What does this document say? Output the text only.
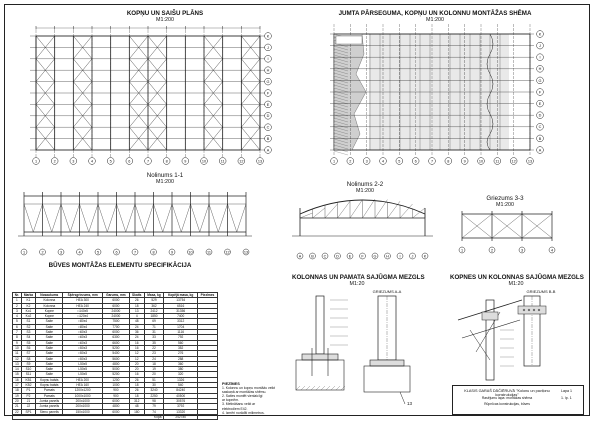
KOPŅU UN SAIŠU PLĀNS
M1:200
JUMTA PĀRSEGUMA, KOPŅU UN KOLONNU MONTĀŽAS SHĒMA
M1:200
Nolinums 1-1
M1:200	Nolinums 2-2
M1:200
Griezums 3-3
M1:200
BŪVES MONTĀŽAS ELEMENTU SPECIFIKĀCIJA
KOLONNAS UN PAMATA SAJŪGMA MEZGLS
M1:20
GRIEZUMS A-A
KOPNES UN KOLONNAS SAJŪGMA MEZGLS
M1:20
GRIEZUMS B-B
13
1	2	3	4	5	6	7	8	9	10	11	12	13
K
J
I
H
G
F
E
D
C
B
A
1	2	3	4	5	6	7	8	9	10	11	12	13
K
J
I
H
G
F
E
D
C
B
A
1	2	3	4	5	6	7	8	9	10	11	12	13
A	B	C	D	E	F	G	H	I	J	K
1	2	3	4
Nr.	Marka	Nosaukums	Šķērsgriezums, mm	Garums, mm	Skaits	Masa, kg	Kopējā masa, kg	Piezīmes
1	K1	Kolonna	HEA 300	6000	26	529	13754	
2	K2	Kolonna	HEA 240	6000	18	362	6516	
3	Ko1	Kopne	□140x5	24000	13	2412	31356	
4	Ko2	Kopne	□120x4	24000	4	1850	7400	
5	S1	Saite	□80x4	7500	48	69	3312	
6	S2	Saite	□80x4	7700	24	71	1704	
7	S3	Saite	□60x3	6000	36	31	1116	
8	S4	Saite	□60x3	6300	24	33	792	
9	S5	Saite	□60x3	6600	16	35	560	
10	S6	Saite	□50x3	5200	16	22	352	
11	S7	Saite	□50x3	5400	12	23	276	
12	S8	Saite	□50x3	5600	12	24	288	
13	S9	Saite	L50x5	4800	20	18	360	
14	S10	Saite	L50x5	5000	20	19	380	
15	S11	Saite	L50x5	5200	16	20	320	
16	KB1	Kopņu balsts	HEA 200	1200	26	51	1326	
17	KB2	Kopņu balsts	HEA 160	1000	18	30	540	
18	P1	Pamats	1200x1200	900	26	3240	84240	
19	P2	Pamats	1000x1000	900	18	2250	40500	
20	J1	Jumta panelis	200x1000	6000	312	98	30576	
21	J2	Jumta panelis	200x1000	4800	48	79	3792	
22	SP1	Sienu panelis	150x1000	6000	180	74	13320	
Kopā:							242780	
PIEZĪMES
1. Kolonnu un kopņu montāžu veikt
saskaņā ar montāžas shēmu.
2. Saites montēt vienlaicīgi
ar kopnēm.
3. Metināšanu veikt ar
elektrodiem E42.
4. Izmēri norādīti milimetros.
KLASIS GARAŠ DĀČIĒRUVĀ "Kolonu un paviļonu konstrukcijas"
Rasējumu lapa: montāžas shēma
Rūpnīcas konstrukcijas, būves
Lapa 1
1. lp. 1
